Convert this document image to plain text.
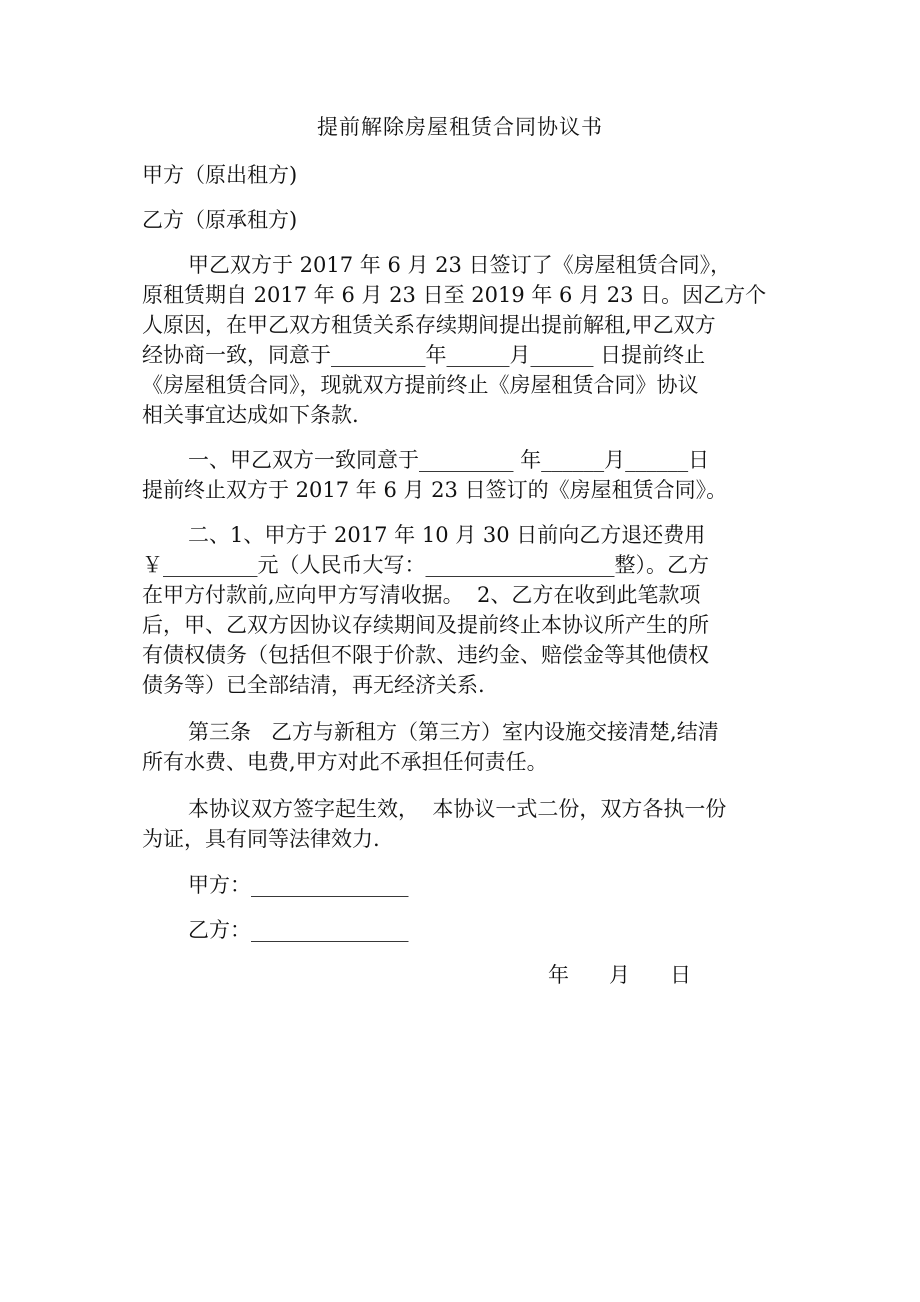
提前解除房屋租赁合同协议书
甲方（原出租方)
乙方（原承租方)
甲乙双方于 2017 年 6 月 23 日签订了《房屋租赁合同》，
原租赁期自 2017 年 6 月 23 日至 2019 年 6 月 23 日。因乙方个
人原因，在甲乙双方租赁关系存续期间提出提前解租,甲乙双方
经协商一致，同意于_________年______月______ 日提前终止
《房屋租赁合同》，现就双方提前终止《房屋租赁合同》协议
相关事宜达成如下条款.
一、甲乙双方一致同意于_________ 年______月______日
提前终止双方于 2017 年 6 月 23 日签订的《房屋租赁合同》。
二、1、甲方于 2017 年 10 月 30 日前向乙方退还费用
￥_________元（人民币大写：__________________整）。乙方
在甲方付款前,应向甲方写清收据。  2、乙方在收到此笔款项
后，甲、乙双方因协议存续期间及提前终止本协议所产生的所
有债权债务（包括但不限于价款、违约金、赔偿金等其他债权
债务等）已全部结清，再无经济关系.
第三条   乙方与新租方（第三方）室内设施交接清楚,结清
所有水费、电费,甲方对此不承担任何责任。
本协议双方签字起生效，  本协议一式二份，双方各执一份
为证，具有同等法律效力.
甲方：_______________
乙方：_______________
年      月      日
